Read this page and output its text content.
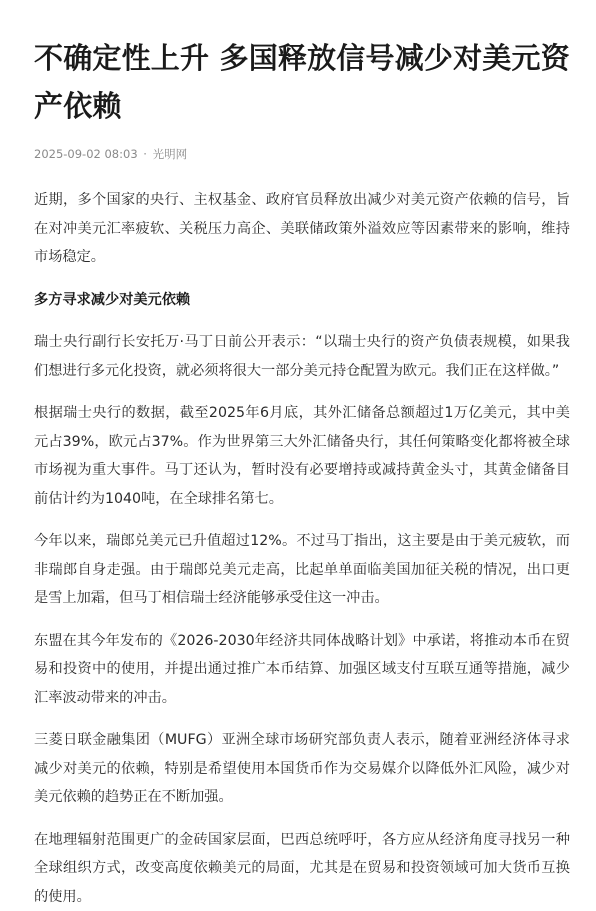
不确定性上升 多国释放信号减少对美元资产依赖
2025-09-02 08:03 · 光明网

近期，多个国家的央行、主权基金、政府官员释放出减少对美元资产依赖的信号，旨在对冲美元汇率疲软、关税压力高企、美联储政策外溢效应等因素带来的影响，维持市场稳定。

多方寻求减少对美元依赖

瑞士央行副行长安托万·马丁日前公开表示：“以瑞士央行的资产负债表规模，如果我们想进行多元化投资，就必须将很大一部分美元持仓配置为欧元。我们正在这样做。”

根据瑞士央行的数据，截至2025年6月底，其外汇储备总额超过1万亿美元，其中美元占39%，欧元占37%。作为世界第三大外汇储备央行，其任何策略变化都将被全球市场视为重大事件。马丁还认为，暂时没有必要增持或减持黄金头寸，其黄金储备目前估计约为1040吨，在全球排名第七。

今年以来，瑞郎兑美元已升值超过12%。不过马丁指出，这主要是由于美元疲软，而非瑞郎自身走强。由于瑞郎兑美元走高，比起单单面临美国加征关税的情况，出口更是雪上加霜，但马丁相信瑞士经济能够承受住这一冲击。

东盟在其今年发布的《2026-2030年经济共同体战略计划》中承诺，将推动本币在贸易和投资中的使用，并提出通过推广本币结算、加强区域支付互联互通等措施，减少汇率波动带来的冲击。

三菱日联金融集团（MUFG）亚洲全球市场研究部负责人表示，随着亚洲经济体寻求减少对美元的依赖，特别是希望使用本国货币作为交易媒介以降低外汇风险，减少对美元依赖的趋势正在不断加强。

在地理辐射范围更广的金砖国家层面，巴西总统呼吁，各方应从经济角度寻找另一种全球组织方式，改变高度依赖美元的局面，尤其是在贸易和投资领域可加大货币互换的使用。
